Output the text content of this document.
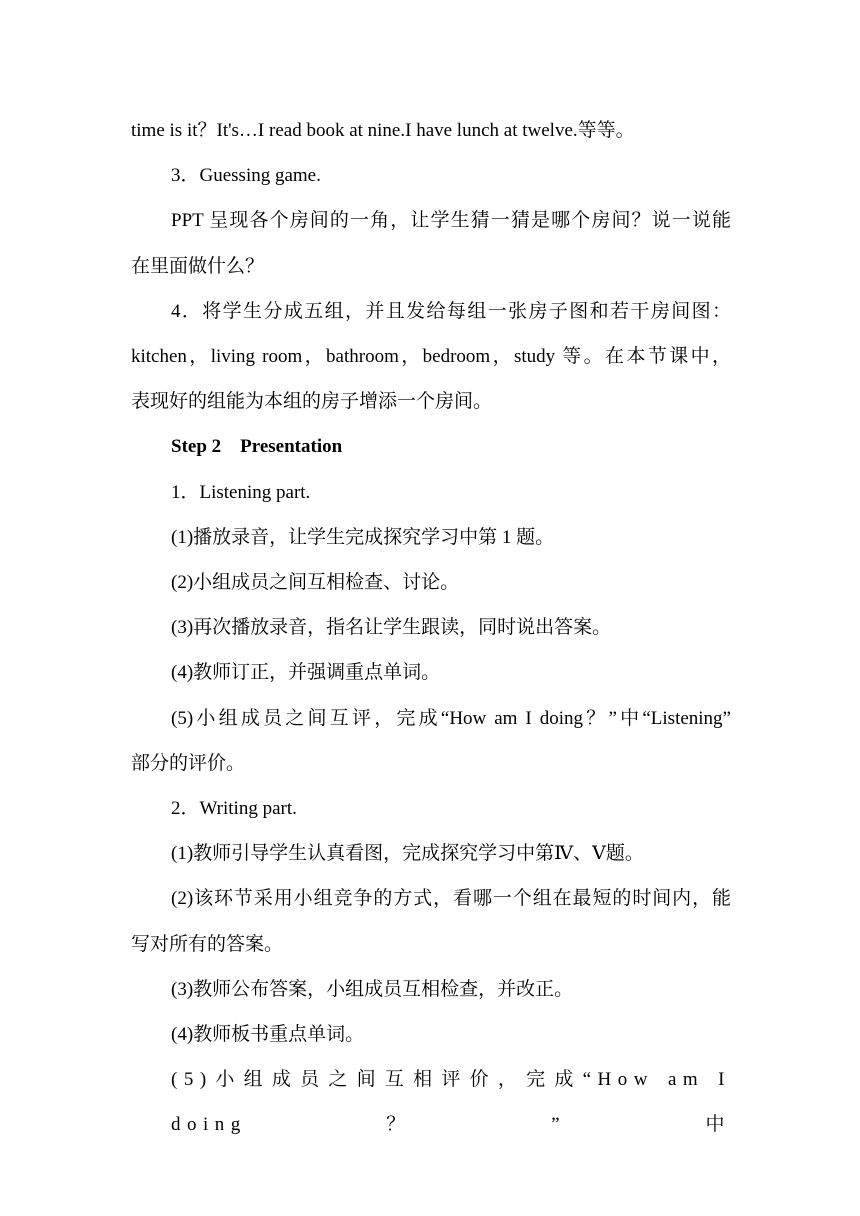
time is it？It's…I read book at nine.I have lunch at twelve.等等。

3．Guessing game.

PPT 呈现各个房间的一角，让学生猜一猜是哪个房间？说一说能

在里面做什么？

4．将学生分成五组，并且发给每组一张房子图和若干房间图：

kitchen，living room，bathroom，bedroom，study 等。在本节课中，

表现好的组能为本组的房子增添一个房间。

Step 2　Presentation

1．Listening part.

(1)播放录音，让学生完成探究学习中第 1 题。

(2)小组成员之间互相检查、讨论。

(3)再次播放录音，指名让学生跟读，同时说出答案。

(4)教师订正，并强调重点单词。

(5)小组成员之间互评，完成“How am I doing？”中“Listening”

部分的评价。

2．Writing part.

(1)教师引导学生认真看图，完成探究学习中第Ⅳ、Ⅴ题。

(2)该环节采用小组竞争的方式，看哪一个组在最短的时间内，能

写对所有的答案。

(3)教师公布答案，小组成员互相检查，并改正。

(4)教师板书重点单词。

(5)小组成员之间互相评价，完成“How am I doing？”中
